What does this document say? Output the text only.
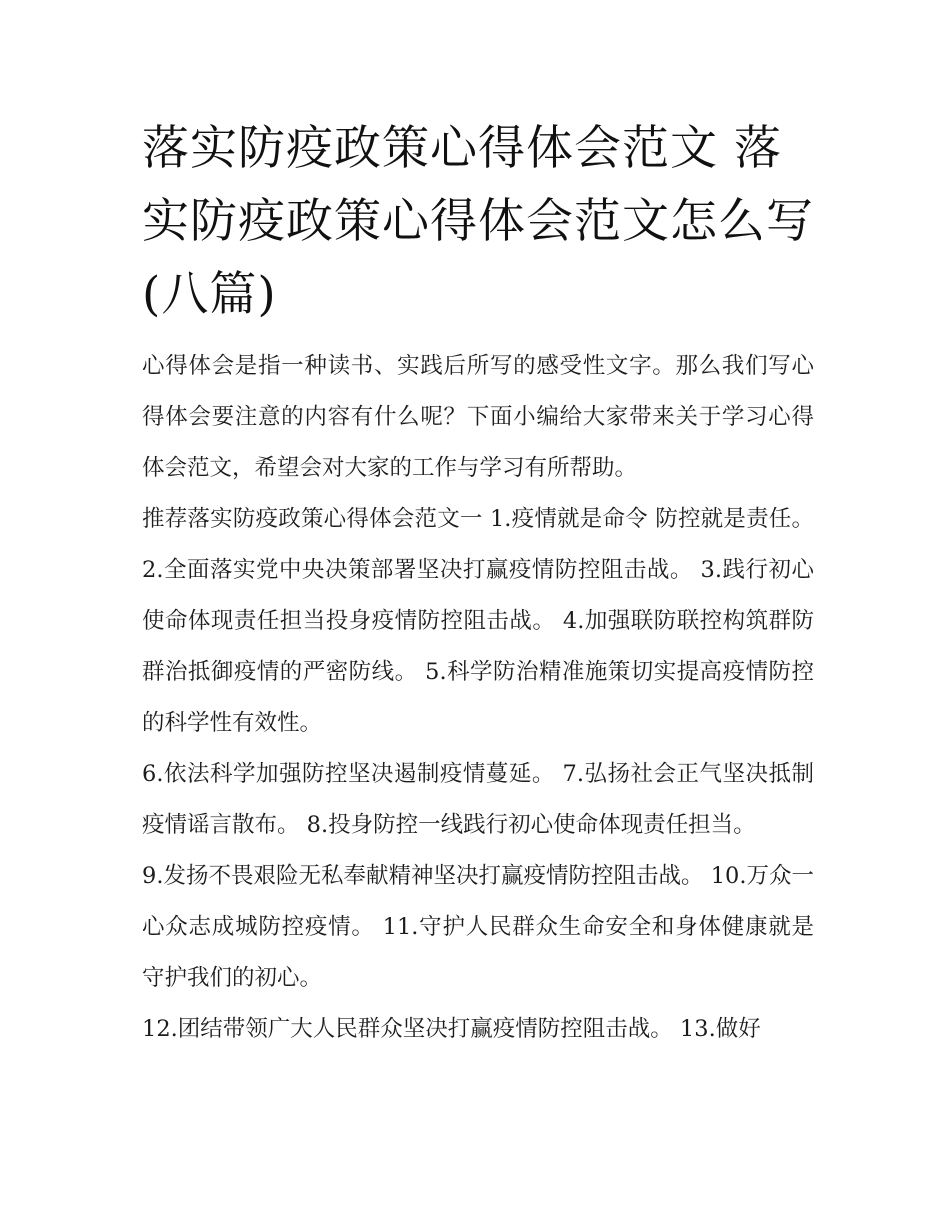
落实防疫政策心得体会范文 落实防疫政策心得体会范文怎么写(八篇)

心得体会是指一种读书、实践后所写的感受性文字。那么我们写心得体会要注意的内容有什么呢？下面小编给大家带来关于学习心得体会范文，希望会对大家的工作与学习有所帮助。

推荐落实防疫政策心得体会范文一 1.疫情就是命令 防控就是责任。 2.全面落实党中央决策部署坚决打赢疫情防控阻击战。 3.践行初心使命体现责任担当投身疫情防控阻击战。 4.加强联防联控构筑群防群治抵御疫情的严密防线。 5.科学防治精准施策切实提高疫情防控的科学性有效性。

6.依法科学加强防控坚决遏制疫情蔓延。 7.弘扬社会正气坚决抵制疫情谣言散布。 8.投身防控一线践行初心使命体现责任担当。

9.发扬不畏艰险无私奉献精神坚决打赢疫情防控阻击战。 10.万众一心众志成城防控疫情。 11.守护人民群众生命安全和身体健康就是守护我们的初心。

12.团结带领广大人民群众坚决打赢疫情防控阻击战。 13.做好
